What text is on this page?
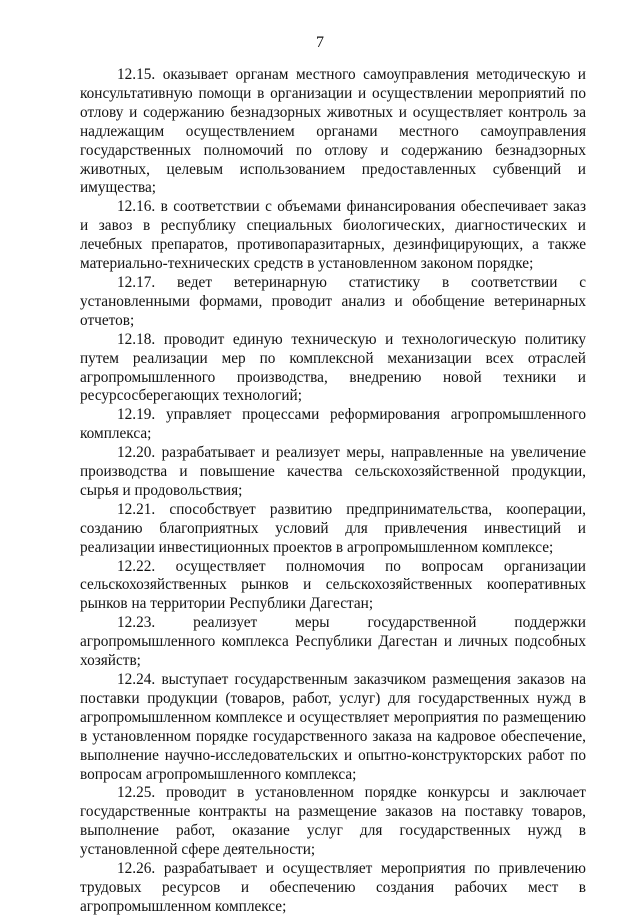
7

12.15. оказывает органам местного самоуправления методическую и консультативную помощи в организации и осуществлении мероприятий по отлову и содержанию безнадзорных животных и осуществляет контроль за надлежащим осуществлением органами местного самоуправления государственных полномочий по отлову и содержанию безнадзорных животных, целевым использованием предоставленных субвенций и имущества;

12.16. в соответствии с объемами финансирования обеспечивает заказ и завоз в республику специальных биологических, диагностических и лечебных препаратов, противопаразитарных, дезинфицирующих, а также материально-технических средств в установленном законом порядке;

12.17. ведет ветеринарную статистику в соответствии с установленными формами, проводит анализ и обобщение ветеринарных отчетов;

12.18. проводит единую техническую и технологическую политику путем реализации мер по комплексной механизации всех отраслей агропромышленного производства, внедрению новой техники и ресурсосберегающих технологий;

12.19. управляет процессами реформирования агропромышленного комплекса;

12.20. разрабатывает и реализует меры, направленные на увеличение производства и повышение качества сельскохозяйственной продукции, сырья и продовольствия;

12.21. способствует развитию предпринимательства, кооперации, созданию благоприятных условий для привлечения инвестиций и реализации инвестиционных проектов в агропромышленном комплексе;

12.22. осуществляет полномочия по вопросам организации сельскохозяйственных рынков и сельскохозяйственных кооперативных рынков на территории Республики Дагестан;

12.23. реализует меры государственной поддержки агропромышленного комплекса Республики Дагестан и личных подсобных хозяйств;

12.24. выступает государственным заказчиком размещения заказов на поставки продукции (товаров, работ, услуг) для государственных нужд в агропромышленном комплексе и осуществляет мероприятия по размещению в установленном порядке государственного заказа на кадровое обеспечение, выполнение научно-исследовательских и опытно-конструкторских работ по вопросам агропромышленного комплекса;

12.25. проводит в установленном порядке конкурсы и заключает государственные контракты на размещение заказов на поставку товаров, выполнение работ, оказание услуг для государственных нужд в установленной сфере деятельности;

12.26. разрабатывает и осуществляет мероприятия по привлечению трудовых ресурсов и обеспечению создания рабочих мест в агропромышленном комплексе;
